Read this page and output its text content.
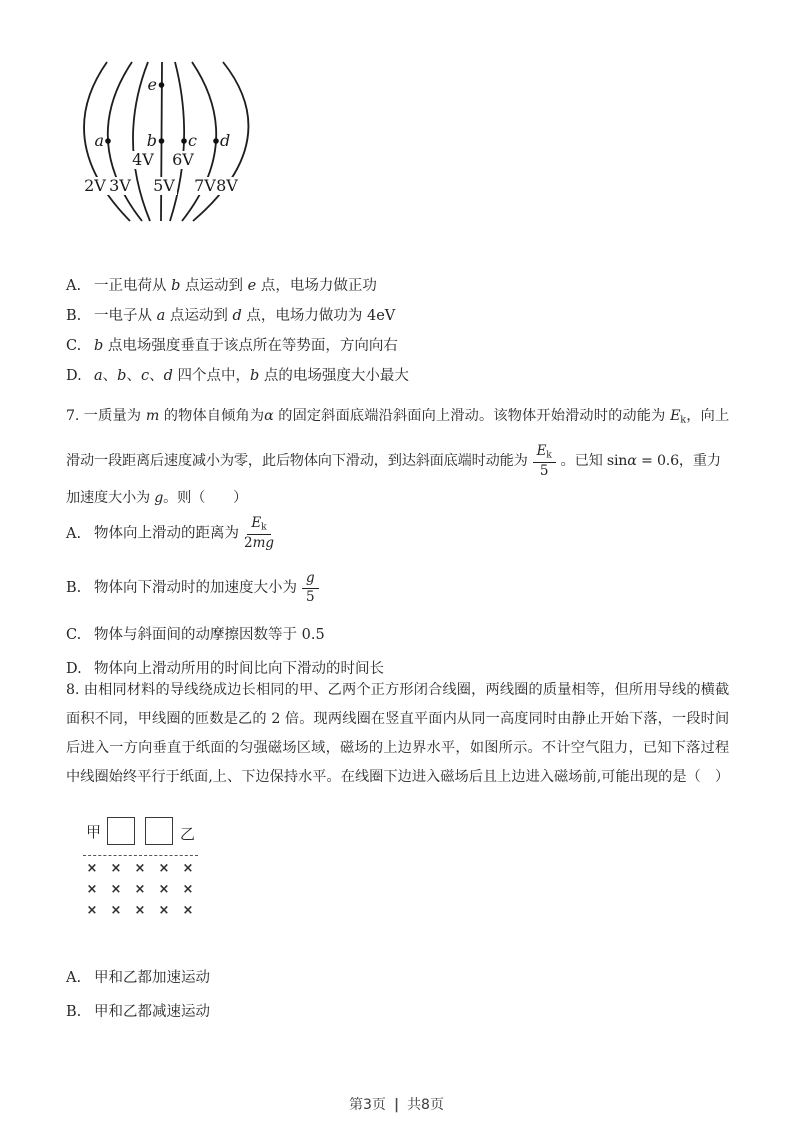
2V 3V
4V
5V
6V
7V 8V
e
a	b c d
A. 一正电荷从 b 点运动到 e 点，电场力做正功
B. 一电子从 a 点运动到 d 点，电场力做功为 4eV
C. b 点电场强度垂直于该点所在等势面，方向向右
D. a、b、c、d 四个点中，b 点的电场强度大小最大
7. 一质量为 m 的物体自倾角为α 的固定斜面底端沿斜面向上滑动。该物体开始滑动时的动能为 $E_k$，向上
滑动一段距离后速度减小为零，此后物体向下滑动，到达斜面底端时动能为 $\frac{E_k}{5}$ 。已知 sinα = 0.6，重力
加速度大小为 g。则（　　）
A. 物体向上滑动的距离为 $\frac{E_k}{2mg}$
B. 物体向下滑动时的加速度大小为 $\frac{g}{5}$
C. 物体与斜面间的动摩擦因数等于 0.5
D. 物体向上滑动所用的时间比向下滑动的时间长
8. 由相同材料的导线绕成边长相同的甲、乙两个正方形闭合线圈，两线圈的质量相等，但所用导线的横截
面积不同，甲线圈的匝数是乙的 2 倍。现两线圈在竖直平面内从同一高度同时由静止开始下落，一段时间
后进入一方向垂直于纸面的匀强磁场区域，磁场的上边界水平，如图所示。不计空气阻力，已知下落过程
中线圈始终平行于纸面,上、下边保持水平。在线圈下边进入磁场后且上边进入磁场前,可能出现的是（　）
甲	乙
× × × × ×
× × × × ×
× × × × ×
A. 甲和乙都加速运动
B. 甲和乙都减速运动
第3页 | 共8页
